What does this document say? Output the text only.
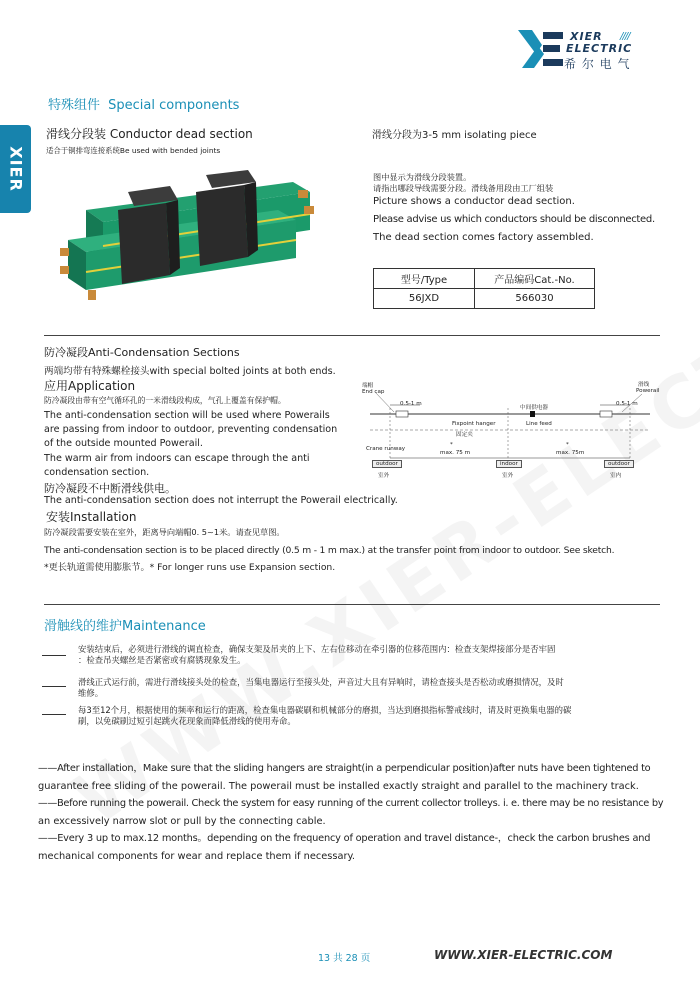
XIER ////
ELECTRIC
希 尔 电 气
XIER
特殊组件 Special components
滑线分段装 Conductor dead section
适合于铜排弯连接系统Be used with bended joints
滑线分段为3-5 mm isolating piece
图中显示为滑线分段装置。
请指出哪段导线需要分段。滑线备用段由工厂组装
Picture shows a conductor dead section.
Please advise us which conductors should be disconnected.
The dead section comes factory assembled.
型号/Type	产品编码Cat.-No.
56JXD	566030
防冷凝段Anti-Condensation Sections
两端均带有特殊螺栓接头with special bolted joints at both ends.
应用Application
防冷凝段由带有空气循环孔的一米滑线段构成，气孔上覆盖有保护帽。
The anti-condensation section will be used where Powerails
are passing from indoor to outdoor, preventing condensation
of the outside mounted Powerail.
The warm air from indoors can escape through the anti
condensation section.
防冷凝段不中断滑线供电。
The anti-condensation section does not interrupt the Powerail electrically.
安装Installation
防冷凝段需要安装在室外，距离导向端帽0. 5~1米。请查见草图。
The anti-condensation section is to be placed directly (0.5 m - 1 m max.) at the transfer point from indoor to outdoor. See sketch.
*更长轨道需使用膨胀节。* For longer runs use Expansion section.
端帽
End cap
滑线
Powerail
0.5-1 m	0.5-1 m
中间供电器
Line feed
Fixpoint hanger
固定夹
Crane runway
*
max. 75 m
*
max. 75m
outdoor
室外
indoor
室外
outdoor
室内
滑触线的维护Maintenance
安装结束后，必须进行滑线的调直检查，确保支架及吊夹的上下、左右位移动在牵引器的位移范围内：检查支架焊接部分是否牢固
：检查吊夹螺丝是否紧密或有腐锈现象发生。
滑线正式运行前，需进行滑线接头处的检查，当集电器运行至接头处，声音过大且有异响时，请检查接头是否松动或磨损情况，及时
维修。
每3至12个月，根据使用的频率和运行的距离，检查集电器碳刷和机械部分的磨损，当达到磨损指标警戒线时，请及时更换集电器的碳
刷，以免碳刷过短引起跳火花现象而降低滑线的使用寿命。
——After installation，Make sure that the sliding hangers are straight(in a perpendicular position)after nuts have been tightened to
guarantee free sliding of the powerail. The powerail must be installed exactly straight and parallel to the machinery track.
——Before running the powerail. Check the system for easy running of the current collector trolleys. i. e. there may be no resistance by
an excessively narrow slot or pull by the connecting cable.
——Every 3 up to max.12 months。depending on the frequency of operation and travel distance-，check the carbon brushes and
mechanical components for wear and replace them if necessary.
13 共 28 页	WWW.XIER-ELECTRIC.COM
